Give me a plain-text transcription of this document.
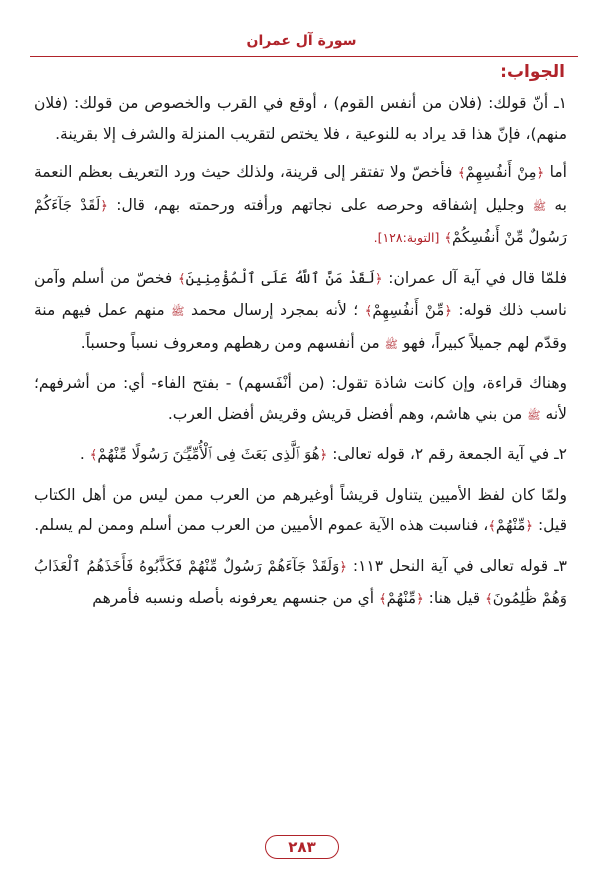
سورة آل عمران
الجواب:

١ـ أنّ قولك: (فلان من أنفس القوم) ، أوقع في القرب والخصوص من قولك: (فلان منهم)، فإنّ هذا قد يراد به للنوعية ، فلا يختص لتقريب المنزلة والشرف إلا بقرينة.

أما ﴿مِنْ أَنفُسِهِمْ﴾ فأخصّ ولا تفتقر إلى قرينة، ولذلك حيث ورد التعريف بعظم النعمة به ﷺ وجليل إشفاقه وحرصه على نجاتهم ورأفته ورحمته بهم، قال: ﴿لَقَدْ جَآءَكُمْ رَسُولٌ مِّنْ أَنفُسِكُمْ﴾ [التوبة:١٢٨].

فلمّا قال في آية آل عمران: ﴿لَقَدْ مَنَّ ٱللَّهُ عَلَى ٱلْمُؤْمِنِينَ﴾ فخصّ من أسلم وآمن ناسب ذلك قوله: ﴿مِّنْ أَنفُسِهِمْ﴾ ؛ لأنه بمجرد إرسال محمد ﷺ منهم عمل فيهم منة وقدّم لهم جميلاً كبيراً، فهو ﷺ من أنفسهم ومن رهطهم ومعروف نسباً وحسباً.

وهناك قراءة، وإن كانت شاذة تقول: (من أنْفَسهم) - بفتح الفاء- أي: من أشرفهم؛ لأنه ﷺ من بني هاشم، وهم أفضل قريش وقريش أفضل العرب.

٢ـ في آية الجمعة رقم ٢، قوله تعالى: ﴿هُوَ ٱلَّذِى بَعَثَ فِى ٱلْأُمِّيِّـۧنَ رَسُولًا مِّنْهُمْ﴾ .

ولمّا كان لفظ الأميين يتناول قريشاً أوغيرهم من العرب ممن ليس من أهل الكتاب قيل: ﴿مِّنْهُمْ﴾، فناسبت هذه الآية عموم الأميين من العرب ممن أسلم وممن لم يسلم.

٣ـ قوله تعالى في آية النحل ١١٣: ﴿وَلَقَدْ جَآءَهُمْ رَسُولٌ مِّنْهُمْ فَكَذَّبُوهُ فَأَخَذَهُمُ ٱلْعَذَابُ وَهُمْ ظَٰلِمُونَ﴾ قيل هنا: ﴿مِّنْهُمْ﴾ أي من جنسهم يعرفونه بأصله ونسبه فأمرهم

٢٨٣
